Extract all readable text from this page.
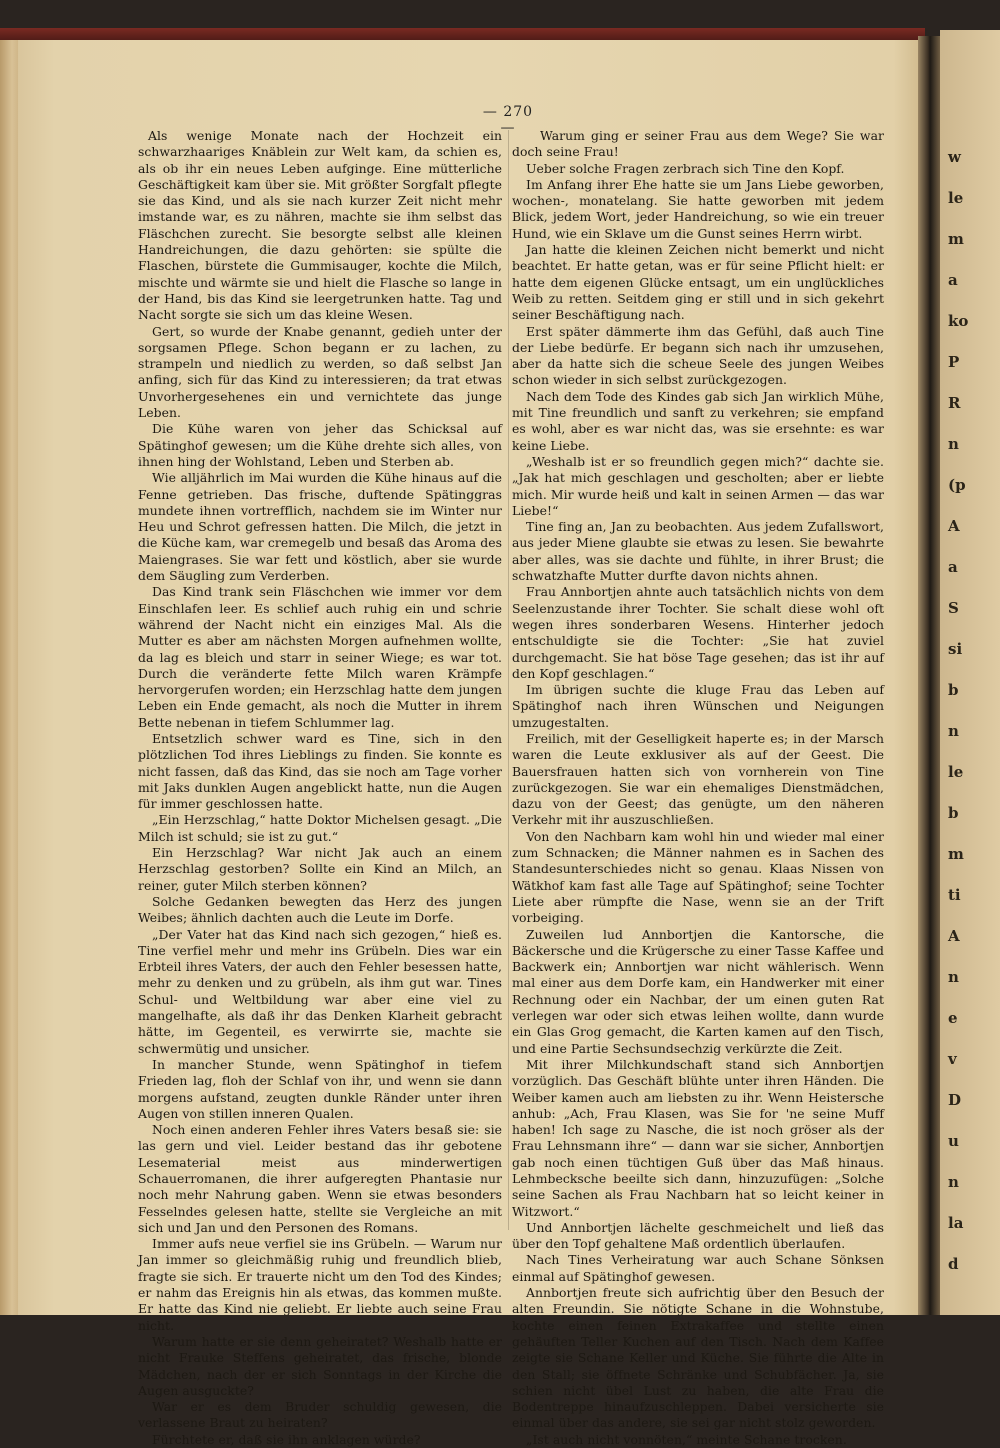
w
le
m
a
ko
P
R
n
(p
A
a
S
si
b
n
le
b
m
ti
A
n
e
v
D
u
n
la
d
— 270 —

Als wenige Monate nach der Hochzeit ein schwarzhaariges Knäblein zur Welt kam, da schien es, als ob ihr ein neues Leben aufginge. Eine mütterliche Geschäftigkeit kam über sie. Mit größter Sorgfalt pflegte sie das Kind, und als sie nach kurzer Zeit nicht mehr imstande war, es zu nähren, machte sie ihm selbst das Fläschchen zurecht. Sie besorgte selbst alle kleinen Handreichungen, die dazu gehörten: sie spülte die Flaschen, bürstete die Gummisauger, kochte die Milch, mischte und wärmte sie und hielt die Flasche so lange in der Hand, bis das Kind sie leergetrunken hatte. Tag und Nacht sorgte sie sich um das kleine Wesen.

Gert, so wurde der Knabe genannt, gedieh unter der sorgsamen Pflege. Schon begann er zu lachen, zu strampeln und niedlich zu werden, so daß selbst Jan anfing, sich für das Kind zu interessieren; da trat etwas Unvorhergesehenes ein und vernichtete das junge Leben.

Die Kühe waren von jeher das Schicksal auf Spätinghof gewesen; um die Kühe drehte sich alles, von ihnen hing der Wohlstand, Leben und Sterben ab.

Wie alljährlich im Mai wurden die Kühe hinaus auf die Fenne getrieben. Das frische, duftende Spätinggras mundete ihnen vortrefflich, nachdem sie im Winter nur Heu und Schrot gefressen hatten. Die Milch, die jetzt in die Küche kam, war cremegelb und besaß das Aroma des Maiengrases. Sie war fett und köstlich, aber sie wurde dem Säugling zum Verderben.

Das Kind trank sein Fläschchen wie immer vor dem Einschlafen leer. Es schlief auch ruhig ein und schrie während der Nacht nicht ein einziges Mal. Als die Mutter es aber am nächsten Morgen aufnehmen wollte, da lag es bleich und starr in seiner Wiege; es war tot. Durch die veränderte fette Milch waren Krämpfe hervorgerufen worden; ein Herzschlag hatte dem jungen Leben ein Ende gemacht, als noch die Mutter in ihrem Bette nebenan in tiefem Schlummer lag.

Entsetzlich schwer ward es Tine, sich in den plötzlichen Tod ihres Lieblings zu finden. Sie konnte es nicht fassen, daß das Kind, das sie noch am Tage vorher mit Jaks dunklen Augen angeblickt hatte, nun die Augen für immer geschlossen hatte.

„Ein Herzschlag,“ hatte Doktor Michelsen gesagt. „Die Milch ist schuld; sie ist zu gut.“

Ein Herzschlag? War nicht Jak auch an einem Herzschlag gestorben? Sollte ein Kind an Milch, an reiner, guter Milch sterben können?

Solche Gedanken bewegten das Herz des jungen Weibes; ähnlich dachten auch die Leute im Dorfe.

„Der Vater hat das Kind nach sich gezogen,“ hieß es. Tine verfiel mehr und mehr ins Grübeln. Dies war ein Erbteil ihres Vaters, der auch den Fehler besessen hatte, mehr zu denken und zu grübeln, als ihm gut war. Tines Schul- und Weltbildung war aber eine viel zu mangelhafte, als daß ihr das Denken Klarheit gebracht hätte, im Gegenteil, es verwirrte sie, machte sie schwermütig und unsicher.

In mancher Stunde, wenn Spätinghof in tiefem Frieden lag, floh der Schlaf von ihr, und wenn sie dann morgens aufstand, zeugten dunkle Ränder unter ihren Augen von stillen inneren Qualen.

Noch einen anderen Fehler ihres Vaters besaß sie: sie las gern und viel. Leider bestand das ihr gebotene Lesematerial meist aus minderwertigen Schauerromanen, die ihrer aufgeregten Phantasie nur noch mehr Nahrung gaben. Wenn sie etwas besonders Fesselndes gelesen hatte, stellte sie Vergleiche an mit sich und Jan und den Personen des Romans.

Immer aufs neue verfiel sie ins Grübeln. — Warum nur Jan immer so gleichmäßig ruhig und freundlich blieb, fragte sie sich. Er trauerte nicht um den Tod des Kindes; er nahm das Ereignis hin als etwas, das kommen mußte. Er hatte das Kind nie geliebt. Er liebte auch seine Frau nicht.

Warum hatte er sie denn geheiratet? Weshalb hatte er nicht Frauke Steffens geheiratet, das frische, blonde Mädchen, nach der er sich Sonntags in der Kirche die Augen ausguckte?

War er es dem Bruder schuldig gewesen, die verlassene Braut zu heiraten?

Fürchtete er, daß sie ihn anklagen würde?

Warum ging er seiner Frau aus dem Wege? Sie war doch seine Frau!

Ueber solche Fragen zerbrach sich Tine den Kopf.

Im Anfang ihrer Ehe hatte sie um Jans Liebe geworben, wochen-, monatelang. Sie hatte geworben mit jedem Blick, jedem Wort, jeder Handreichung, so wie ein treuer Hund, wie ein Sklave um die Gunst seines Herrn wirbt.

Jan hatte die kleinen Zeichen nicht bemerkt und nicht beachtet. Er hatte getan, was er für seine Pflicht hielt: er hatte dem eigenen Glücke entsagt, um ein unglückliches Weib zu retten. Seitdem ging er still und in sich gekehrt seiner Beschäftigung nach.

Erst später dämmerte ihm das Gefühl, daß auch Tine der Liebe bedürfe. Er begann sich nach ihr umzusehen, aber da hatte sich die scheue Seele des jungen Weibes schon wieder in sich selbst zurückgezogen.

Nach dem Tode des Kindes gab sich Jan wirklich Mühe, mit Tine freundlich und sanft zu verkehren; sie empfand es wohl, aber es war nicht das, was sie ersehnte: es war keine Liebe.

„Weshalb ist er so freundlich gegen mich?“ dachte sie. „Jak hat mich geschlagen und gescholten; aber er liebte mich. Mir wurde heiß und kalt in seinen Armen — das war Liebe!“

Tine fing an, Jan zu beobachten. Aus jedem Zufallswort, aus jeder Miene glaubte sie etwas zu lesen. Sie bewahrte aber alles, was sie dachte und fühlte, in ihrer Brust; die schwatzhafte Mutter durfte davon nichts ahnen.

Frau Annbortjen ahnte auch tatsächlich nichts von dem Seelenzustande ihrer Tochter. Sie schalt diese wohl oft wegen ihres sonderbaren Wesens. Hinterher jedoch entschuldigte sie die Tochter: „Sie hat zuviel durchgemacht. Sie hat böse Tage gesehen; das ist ihr auf den Kopf geschlagen.“

Im übrigen suchte die kluge Frau das Leben auf Spätinghof nach ihren Wünschen und Neigungen umzugestalten.

Freilich, mit der Geselligkeit haperte es; in der Marsch waren die Leute exklusiver als auf der Geest. Die Bauersfrauen hatten sich von vornherein von Tine zurückgezogen. Sie war ein ehemaliges Dienstmädchen, dazu von der Geest; das genügte, um den näheren Verkehr mit ihr auszuschließen.

Von den Nachbarn kam wohl hin und wieder mal einer zum Schnacken; die Männer nahmen es in Sachen des Standesunterschiedes nicht so genau. Klaas Nissen von Wätkhof kam fast alle Tage auf Spätinghof; seine Tochter Liete aber rümpfte die Nase, wenn sie an der Trift vorbeiging.

Zuweilen lud Annbortjen die Kantorsche, die Bäckersche und die Krügersche zu einer Tasse Kaffee und Backwerk ein; Annbortjen war nicht wählerisch. Wenn mal einer aus dem Dorfe kam, ein Handwerker mit einer Rechnung oder ein Nachbar, der um einen guten Rat verlegen war oder sich etwas leihen wollte, dann wurde ein Glas Grog gemacht, die Karten kamen auf den Tisch, und eine Partie Sechsundsechzig verkürzte die Zeit.

Mit ihrer Milchkundschaft stand sich Annbortjen vorzüglich. Das Geschäft blühte unter ihren Händen. Die Weiber kamen auch am liebsten zu ihr. Wenn Heistersche anhub: „Ach, Frau Klasen, was Sie for 'ne seine Muff haben! Ich sage zu Nasche, die ist noch gröser als der Frau Lehnsmann ihre“ — dann war sie sicher, Annbortjen gab noch einen tüchtigen Guß über das Maß hinaus. Lehmbecksche beeilte sich dann, hinzuzufügen: „Solche seine Sachen als Frau Nachbarn hat so leicht keiner in Witzwort.“

Und Annbortjen lächelte geschmeichelt und ließ das über den Topf gehaltene Maß ordentlich überlaufen.

Nach Tines Verheiratung war auch Schane Sönksen einmal auf Spätinghof gewesen.

Annbortjen freute sich aufrichtig über den Besuch der alten Freundin. Sie nötigte Schane in die Wohnstube, kochte einen feinen Extrakaffee und stellte einen gehäuften Teller Kuchen auf den Tisch. Nach dem Kaffee zeigte sie Schane Keller und Küche. Sie führte die Alte in den Stall; sie öffnete Schränke und Schubfächer. Ja, sie schien nicht übel Lust zu haben, die alte Frau die Bodentreppe hinaufzuschleppen. Dabei versicherte sie einmal über das andere, sie sei gar nicht stolz geworden.

„Ist auch nicht vonnöten,“ meinte Schane trocken.
